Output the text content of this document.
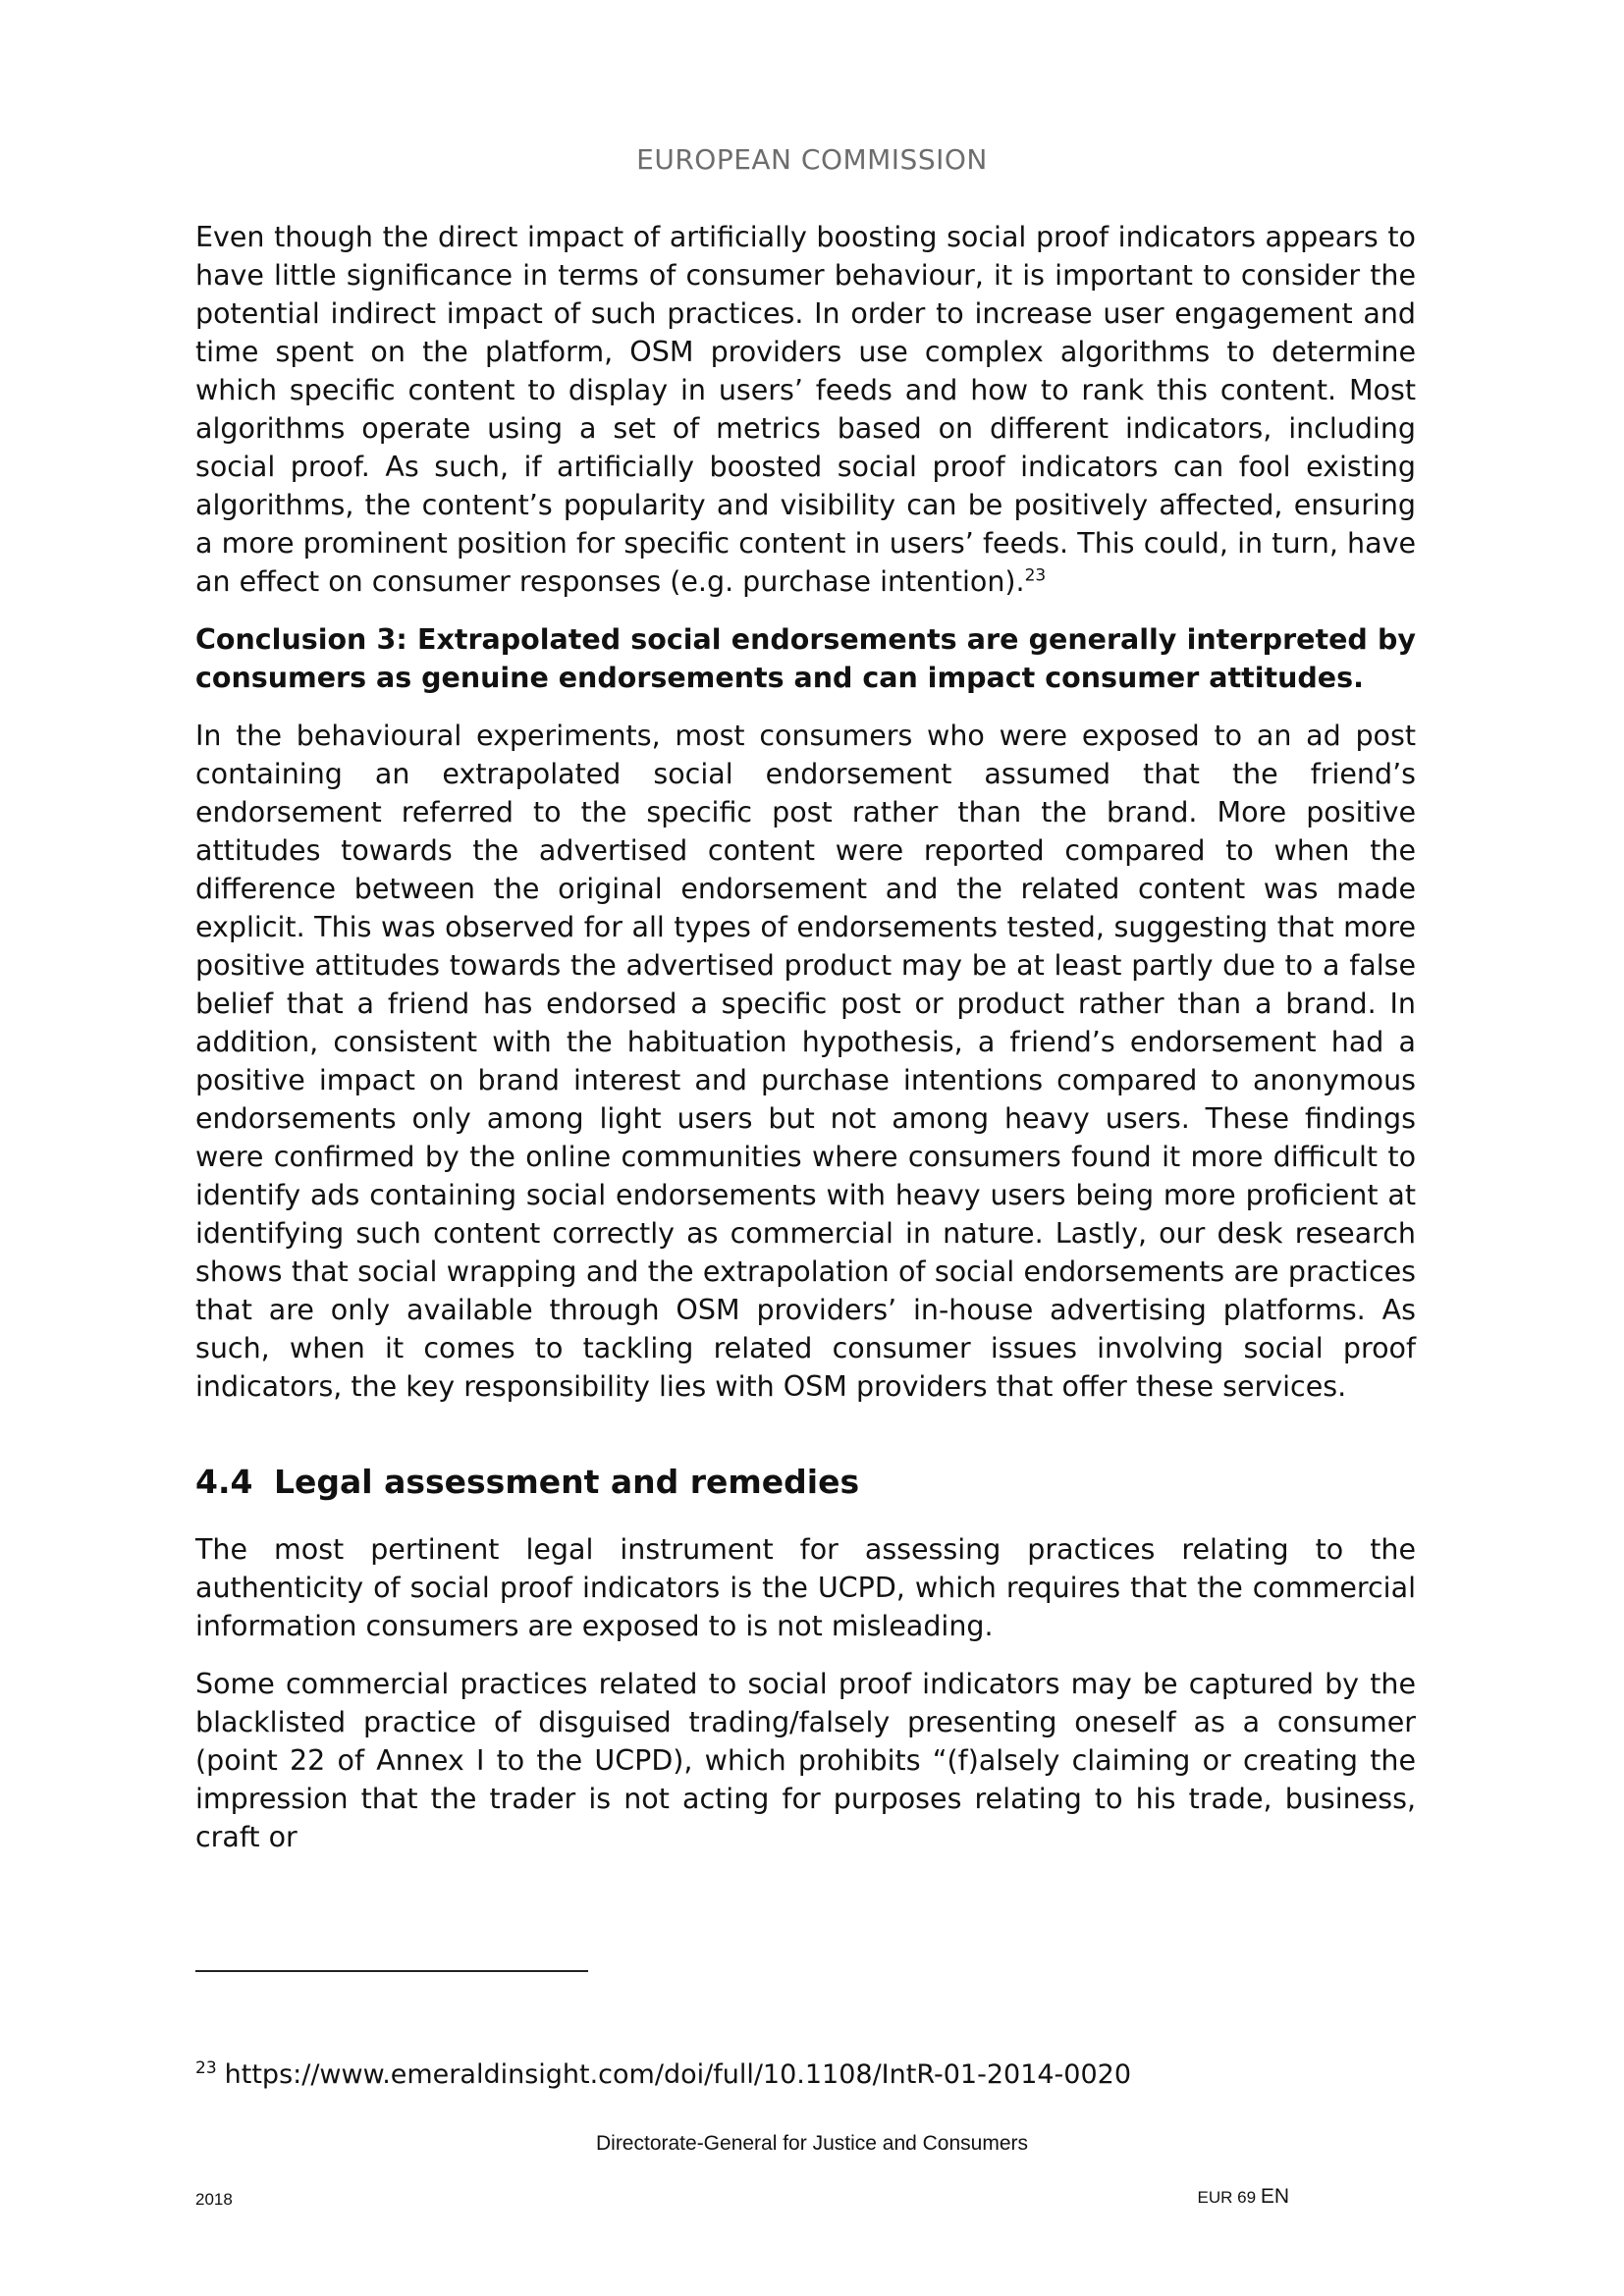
EUROPEAN COMMISSION

Even though the direct impact of artificially boosting social proof indicators appears to have little significance in terms of consumer behaviour, it is important to consider the potential indirect impact of such practices. In order to increase user engagement and time spent on the platform, OSM providers use complex algorithms to determine which specific content to display in users’ feeds and how to rank this content. Most algorithms operate using a set of metrics based on different indicators, including social proof. As such, if artificially boosted social proof indicators can fool existing algorithms, the content’s popularity and visibility can be positively affected, ensuring a more prominent position for specific content in users’ feeds. This could, in turn, have an effect on consumer responses (e.g. purchase intention).$^{23}$

Conclusion 3: Extrapolated social endorsements are generally interpreted by consumers as genuine endorsements and can impact consumer attitudes.

In the behavioural experiments, most consumers who were exposed to an ad post containing an extrapolated social endorsement assumed that the friend’s endorsement referred to the specific post rather than the brand. More positive attitudes towards the advertised content were reported compared to when the difference between the original endorsement and the related content was made explicit. This was observed for all types of endorsements tested, suggesting that more positive attitudes towards the advertised product may be at least partly due to a false belief that a friend has endorsed a specific post or product rather than a brand. In addition, consistent with the habituation hypothesis, a friend’s endorsement had a positive impact on brand interest and purchase intentions compared to anonymous endorsements only among light users but not among heavy users. These findings were confirmed by the online communities where consumers found it more difficult to identify ads containing social endorsements with heavy users being more proficient at identifying such content correctly as commercial in nature. Lastly, our desk research shows that social wrapping and the extrapolation of social endorsements are practices that are only available through OSM providers’ in-house advertising platforms. As such, when it comes to tackling related consumer issues involving social proof indicators, the key responsibility lies with OSM providers that offer these services.

4.4 Legal assessment and remedies

The most pertinent legal instrument for assessing practices relating to the authenticity of social proof indicators is the UCPD, which requires that the commercial information consumers are exposed to is not misleading.

Some commercial practices related to social proof indicators may be captured by the blacklisted practice of disguised trading/falsely presenting oneself as a consumer (point 22 of Annex I to the UCPD), which prohibits “(f)alsely claiming or creating the impression that the trader is not acting for purposes relating to his trade, business, craft or

$^{23}$ https://www.emeraldinsight.com/doi/full/10.1108/IntR-01-2014-0020
Directorate-General for Justice and Consumers
2018	EUR 69 EN
